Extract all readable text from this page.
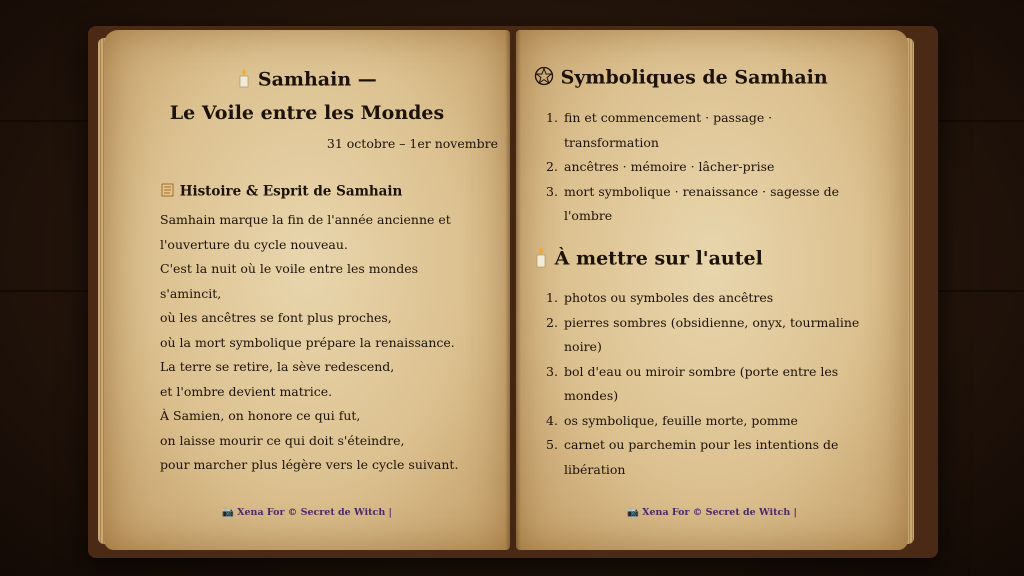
Samhain —
Le Voile entre les Mondes
31 octobre – 1er novembre
Histoire & Esprit de Samhain
Samhain marque la fin de l'année ancienne et
l'ouverture du cycle nouveau.
C'est la nuit où le voile entre les mondes
s'amincit,
où les ancêtres se font plus proches,
où la mort symbolique prépare la renaissance.
La terre se retire, la sève redescend,
et l'ombre devient matrice.
À Samien, on honore ce qui fut,
on laisse mourir ce qui doit s'éteindre,
pour marcher plus légère vers le cycle suivant.
📷 Xena For © Secret de Witch |
Symboliques de Samhain
1. fin et commencement · passage ·
transformation
2. ancêtres · mémoire · lâcher-prise
3. mort symbolique · renaissance · sagesse de
l'ombre
À mettre sur l'autel
1. photos ou symboles des ancêtres
2. pierres sombres (obsidienne, onyx, tourmaline
noire)
3. bol d'eau ou miroir sombre (porte entre les
mondes)
4. os symbolique, feuille morte, pomme
5. carnet ou parchemin pour les intentions de
libération
📷 Xena For © Secret de Witch |
